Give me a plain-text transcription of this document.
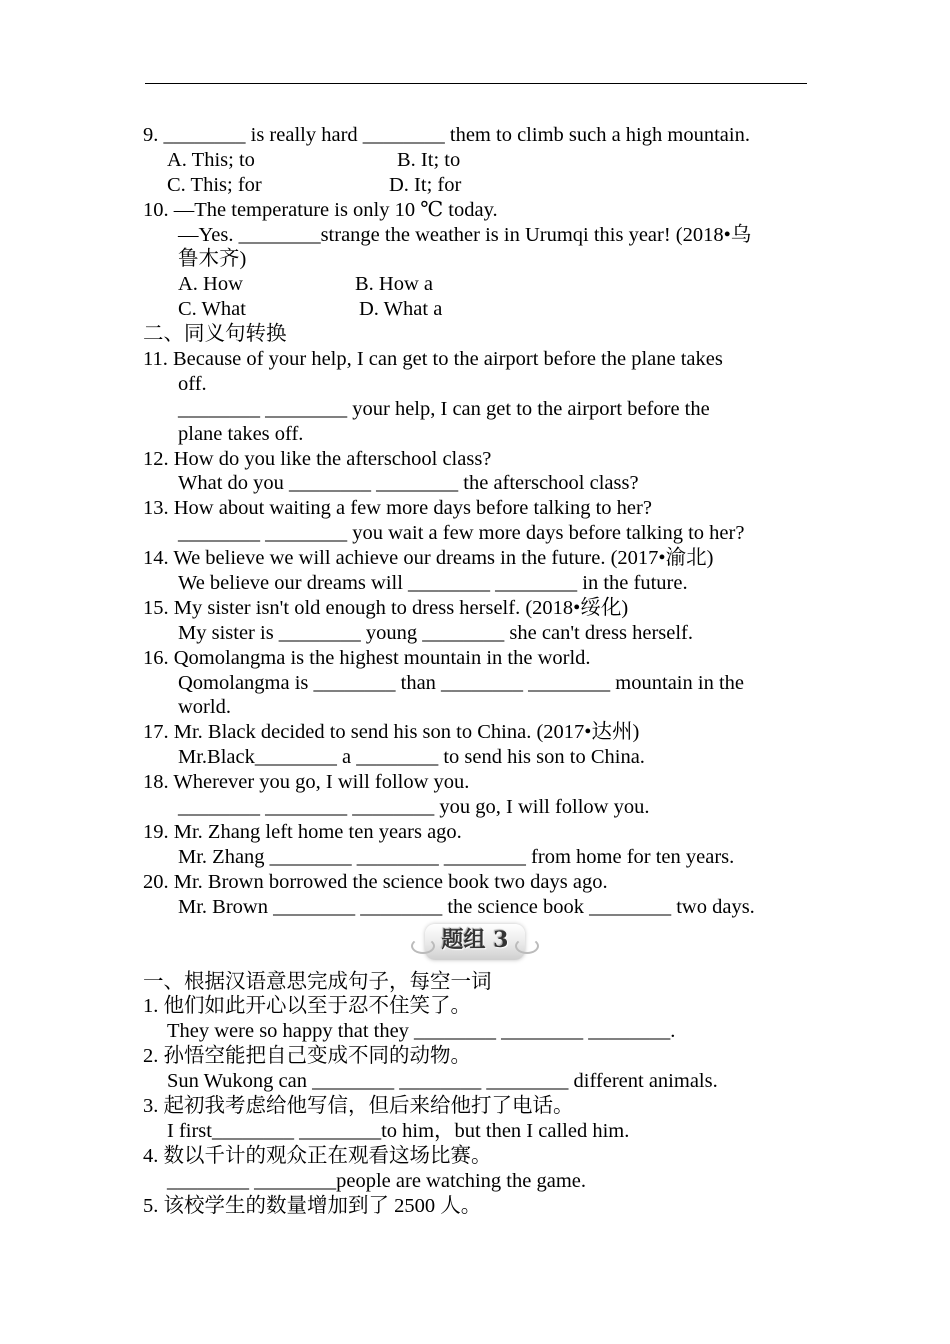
9. ________ is really hard ________ them to climb such a high mountain.
A. This; to	B. It; to
C. This; for	D. It; for
10. —The temperature is only 10 ℃ today.
—Yes. ________strange the weather is in Urumqi this year! (2018•乌
鲁木齐)
A. How	B. How a
C. What	D. What a
二、同义句转换
11. Because of your help, I can get to the airport before the plane takes
off.
________ ________ your help, I can get to the airport before the
plane takes off.
12. How do you like the afterschool class?
What do you ________ ________ the afterschool class?
13. How about waiting a few more days before talking to her?
________ ________ you wait a few more days before talking to her?
14. We believe we will achieve our dreams in the future. (2017•渝北)
We believe our dreams will ________ ________ in the future.
15. My sister isn't old enough to dress herself. (2018•绥化)
My sister is ________ young ________ she can't dress herself.
16. Qomolangma is the highest mountain in the world.
Qomolangma is ________ than ________ ________ mountain in the
world.
17. Mr. Black decided to send his son to China. (2017•达州)
Mr.Black________ a ________ to send his son to China.
18. Wherever you go, I will follow you.
________ ________ ________ you go, I will follow you.
19. Mr. Zhang left home ten years ago.
Mr. Zhang ________ ________ ________ from home for ten years.
20. Mr. Brown borrowed the science book two days ago.
Mr. Brown ________ ________ the science book ________ two days.
题组 3
一、根据汉语意思完成句子，每空一词
1. 他们如此开心以至于忍不住笑了。
They were so happy that they ________ ________ ________.
2. 孙悟空能把自己变成不同的动物。
Sun Wukong can ________ ________ ________ different animals.
3. 起初我考虑给他写信，但后来给他打了电话。
I first________ ________to him，but then I called him.
4. 数以千计的观众正在观看这场比赛。
________ ________people are watching the game.
5. 该校学生的数量增加到了 2500 人。
